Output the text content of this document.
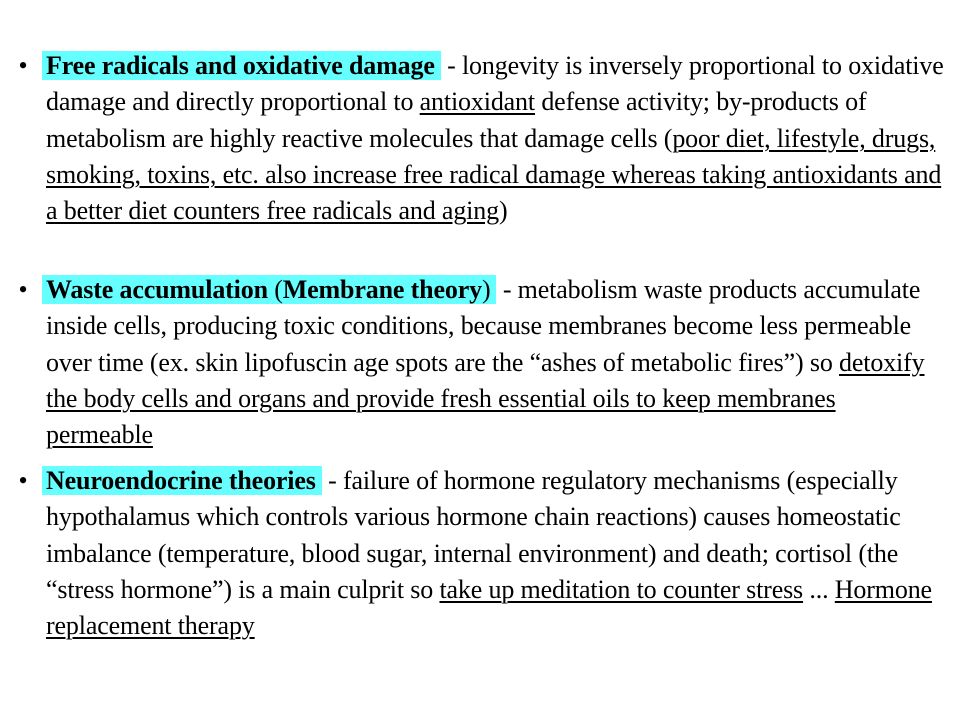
• Free radicals and oxidative damage - longevity is inversely proportional to oxidative damage and directly proportional to antioxidant defense activity; by-products of metabolism are highly reactive molecules that damage cells (poor diet, lifestyle, drugs, smoking, toxins, etc. also increase free radical damage whereas taking antioxidants and a better diet counters free radicals and aging)
• Waste accumulation (Membrane theory) - metabolism waste products accumulate inside cells, producing toxic conditions, because membranes become less permeable over time (ex. skin lipofuscin age spots are the “ashes of metabolic fires”) so detoxify the body cells and organs and provide fresh essential oils to keep membranes permeable
• Neuroendocrine theories - failure of hormone regulatory mechanisms (especially hypothalamus which controls various hormone chain reactions) causes homeostatic imbalance (temperature, blood sugar, internal environment) and death; cortisol (the “stress hormone”) is a main culprit so take up meditation to counter stress ... Hormone replacement therapy
